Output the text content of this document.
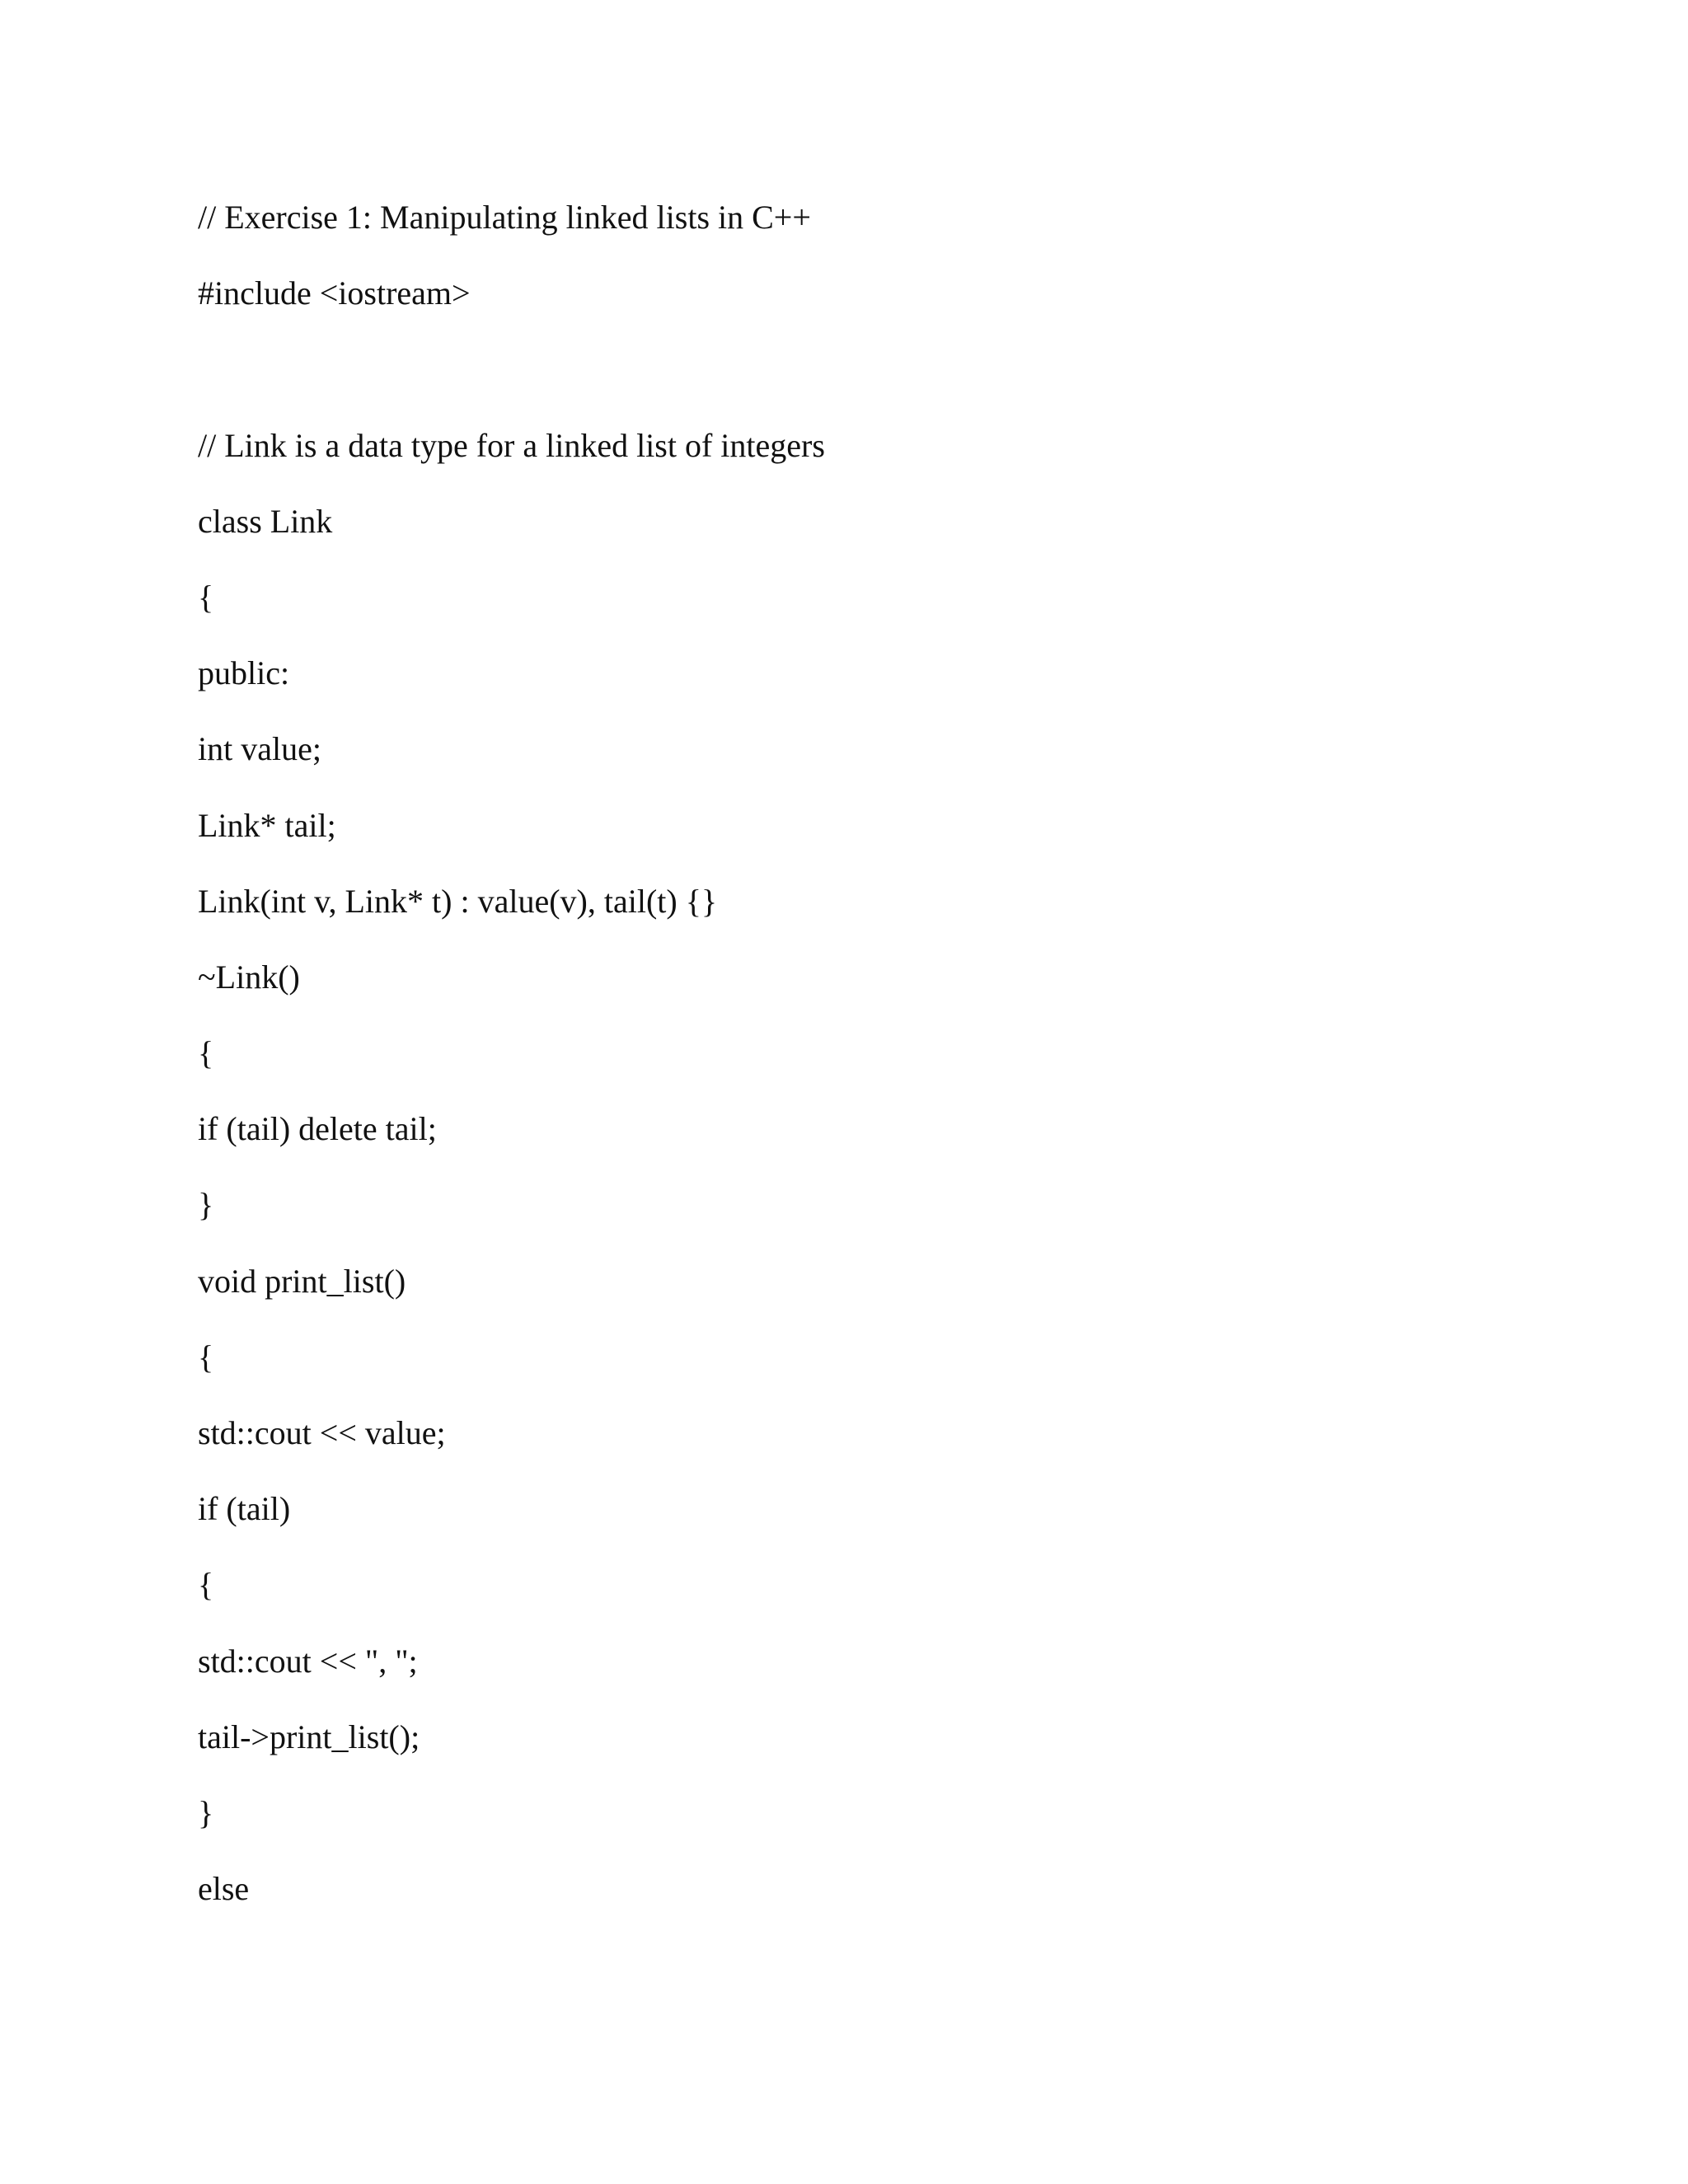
// Exercise 1: Manipulating linked lists in C++
#include <iostream>
// Link is a data type for a linked list of integers
class Link
{
public:
int value;
Link* tail;
Link(int v, Link* t) : value(v), tail(t) {}
~Link()
{
if (tail) delete tail;
}
void print_list()
{
std::cout << value;
if (tail)
{
std::cout << ", ";
tail->print_list();
}
else
